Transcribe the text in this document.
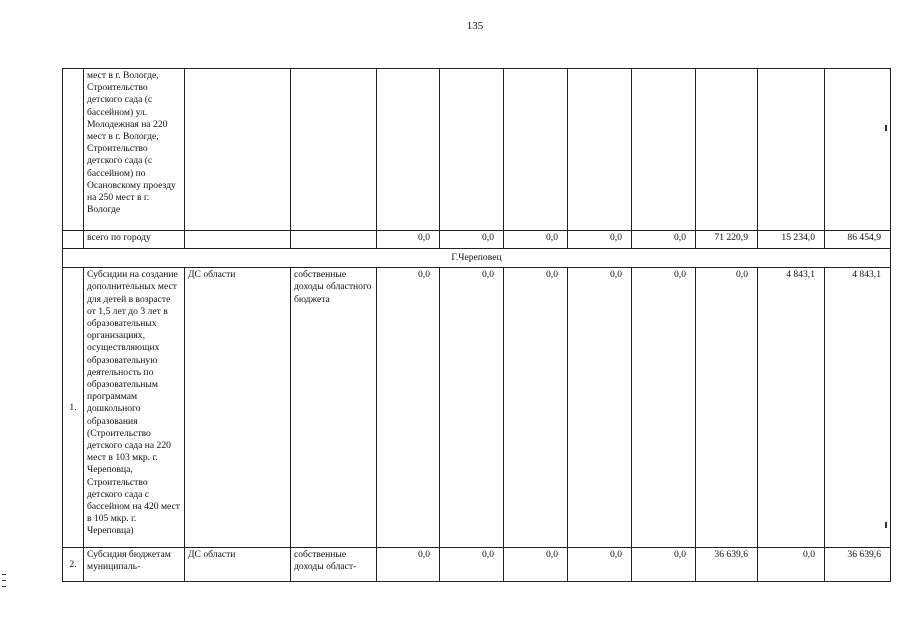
135
	мест в г. Вологде, Строительство детского сада (с бассейном) ул. Молодежная на 220 мест в г. Вологде, Строительство детского сада (с бассейном) по Осановскому проезду на 250 мест в г. Вологде										
	всего по городу			0,0	0,0	0,0	0,0	0,0	71 220,9	15 234,0	86 454,9
Г.Череповец											
1.	Субсидии на создание дополнительных мест для детей в возрасте от 1,5 лет до 3 лет в образовательных организациях, осуществляющих образовательную деятельность по образовательным программам дошкольного образования (Строительство детского сада на 220 мест в 103 мкр. г. Череповца, Строительство детского сада с бассейном на 420 мест в 105 мкр. г. Череповца)	ДС области	собственные доходы областного бюджета	0,0	0,0	0,0	0,0	0,0	0,0	4 843,1	4 843,1
2.	Субсидия бюджетам муниципаль-	ДС области	собственные доходы област-	0,0	0,0	0,0	0,0	0,0	36 639,6	0,0	36 639,6
